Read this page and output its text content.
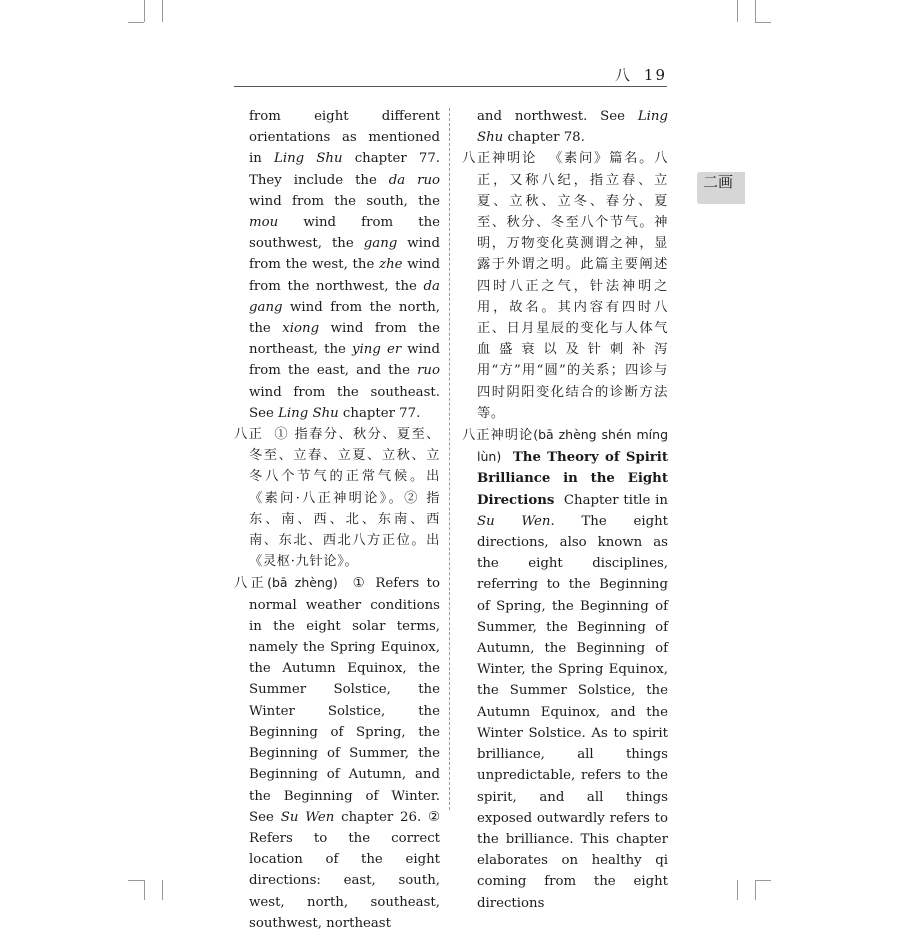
八 19
二画

from eight different orientations as mentioned in Ling Shu chapter 77. They include the da ruo wind from the south, the mou wind from the southwest, the gang wind from the west, the zhe wind from the northwest, the da gang wind from the north, the xiong wind from the northeast, the ying er wind from the east, and the ruo wind from the southeast. See Ling Shu chapter 77.

八正 ① 指春分、秋分、夏至、冬至、立春、立夏、立秋、立冬八个节气的正常气候。出《素问·八正神明论》。② 指东、南、西、北、东南、西南、东北、西北八方正位。出《灵枢·九针论》。

八正(bā zhèng) ① Refers to normal weather conditions in the eight solar terms, namely the Spring Equinox, the Autumn Equinox, the Summer Solstice, the Winter Solstice, the Beginning of Spring, the Beginning of Summer, the Beginning of Autumn, and the Beginning of Winter. See Su Wen chapter 26. ② Refers to the correct location of the eight directions: east, south, west, north, southeast, southwest, northeast

and northwest. See Ling Shu chapter 78.

八正神明论 《素问》篇名。八正，又称八纪，指立春、立夏、立秋、立冬、春分、夏至、秋分、冬至八个节气。神明，万物变化莫测谓之神，显露于外谓之明。此篇主要阐述四时八正之气，针法神明之用，故名。其内容有四时八正、日月星辰的变化与人体气血盛衰以及针刺补泻用“方”用“圆”的关系；四诊与四时阴阳变化结合的诊断方法等。

八正神明论(bā zhèng shén míng lùn) The Theory of Spirit Brilliance in the Eight Directions Chapter title in Su Wen. The eight directions, also known as the eight disciplines, referring to the Beginning of Spring, the Beginning of Summer, the Beginning of Autumn, the Beginning of Winter, the Spring Equinox, the Summer Solstice, the Autumn Equinox, and the Winter Solstice. As to spirit brilliance, all things unpredictable, refers to the spirit, and all things exposed outwardly refers to the brilliance. This chapter elaborates on healthy qi coming from the eight directions
